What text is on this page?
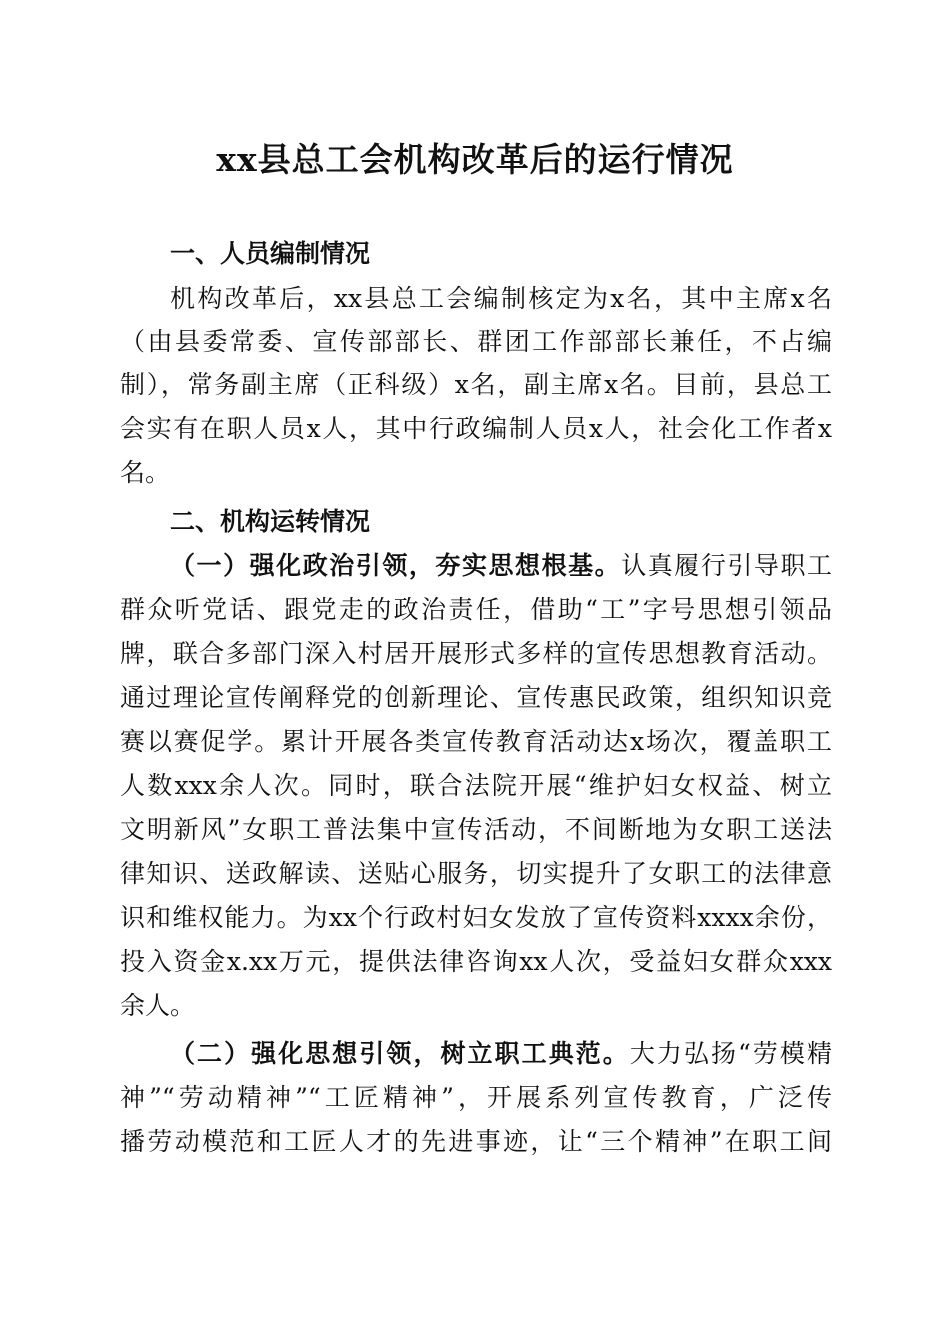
xx县总工会机构改革后的运行情况
一、人员编制情况
机构改革后，xx县总工会编制核定为x名，其中主席x名
（由县委常委、宣传部部长、群团工作部部长兼任，不占编
制），常务副主席（正科级）x名，副主席x名。目前，县总工
会实有在职人员x人，其中行政编制人员x人，社会化工作者x
名。
二、机构运转情况
（一）强化政治引领，夯实思想根基。认真履行引导职工
群众听党话、跟党走的政治责任，借助“工”字号思想引领品
牌，联合多部门深入村居开展形式多样的宣传思想教育活动。
通过理论宣传阐释党的创新理论、宣传惠民政策，组织知识竞
赛以赛促学。累计开展各类宣传教育活动达x场次，覆盖职工
人数xxx余人次。同时，联合法院开展“维护妇女权益、树立
文明新风”女职工普法集中宣传活动，不间断地为女职工送法
律知识、送政解读、送贴心服务，切实提升了女职工的法律意
识和维权能力。为xx个行政村妇女发放了宣传资料xxxx余份，
投入资金x.xx万元，提供法律咨询xx人次，受益妇女群众xxx
余人。
（二）强化思想引领，树立职工典范。大力弘扬“劳模精
神”“劳动精神”“工匠精神”，开展系列宣传教育，广泛传
播劳动模范和工匠人才的先进事迹，让“三个精神”在职工间
